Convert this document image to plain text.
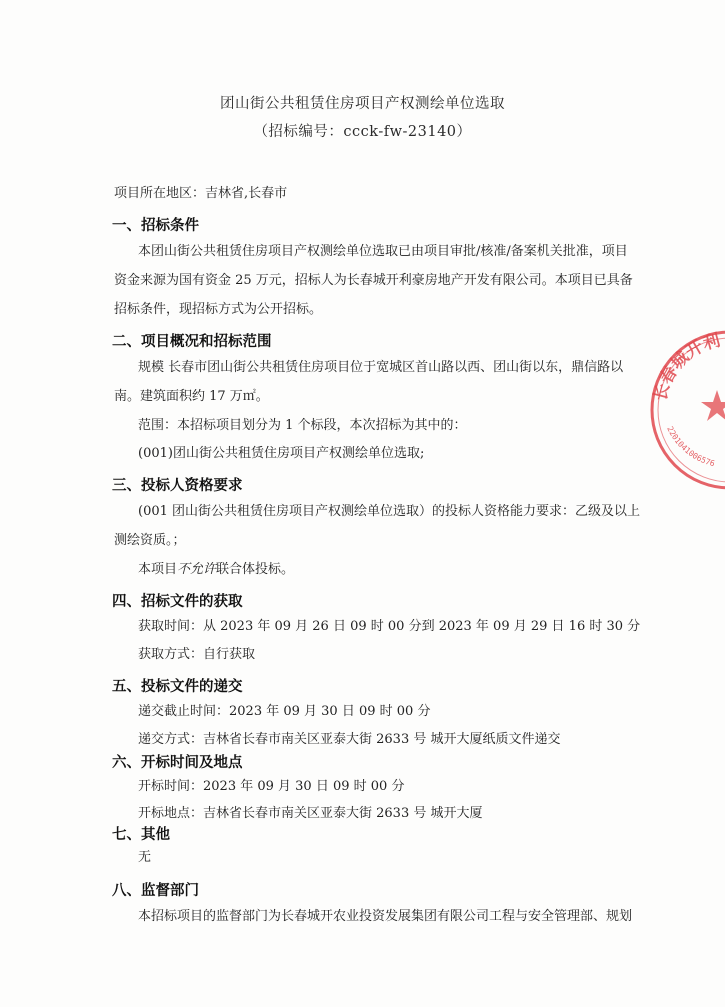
团山街公共租赁住房项目产权测绘单位选取
（招标编号：ccck-fw-23140）
项目所在地区：吉林省,长春市
一、招标条件
本团山街公共租赁住房项目产权测绘单位选取已由项目审批/核准/备案机关批准，项目
资金来源为国有资金 25 万元，招标人为长春城开利豪房地产开发有限公司。本项目已具备
招标条件，现招标方式为公开招标。
二、项目概况和招标范围
规模 长春市团山街公共租赁住房项目位于宽城区首山路以西、团山街以东，鼎信路以
南。建筑面积约 17 万㎡。
范围：本招标项目划分为 1 个标段，本次招标为其中的：
(001)团山街公共租赁住房项目产权测绘单位选取;
三、投标人资格要求
(001 团山街公共租赁住房项目产权测绘单位选取）的投标人资格能力要求：乙级及以上
测绘资质。；
本项目不允许联合体投标。
四、招标文件的获取
获取时间：从 2023 年 09 月 26 日 09 时 00 分到 2023 年 09 月 29 日 16 时 30 分
获取方式：自行获取
五、投标文件的递交
递交截止时间：2023 年 09 月 30 日 09 时 00 分
递交方式：吉林省长春市南关区亚泰大街 2633 号 城开大厦纸质文件递交
六、开标时间及地点
开标时间：2023 年 09 月 30 日 09 时 00 分
开标地点：吉林省长春市南关区亚泰大街 2633 号 城开大厦
七、其他
无
八、监督部门
本招标项目的监督部门为长春城开农业投资发展集团有限公司工程与安全管理部、规划
长春城开利
2201041006576
